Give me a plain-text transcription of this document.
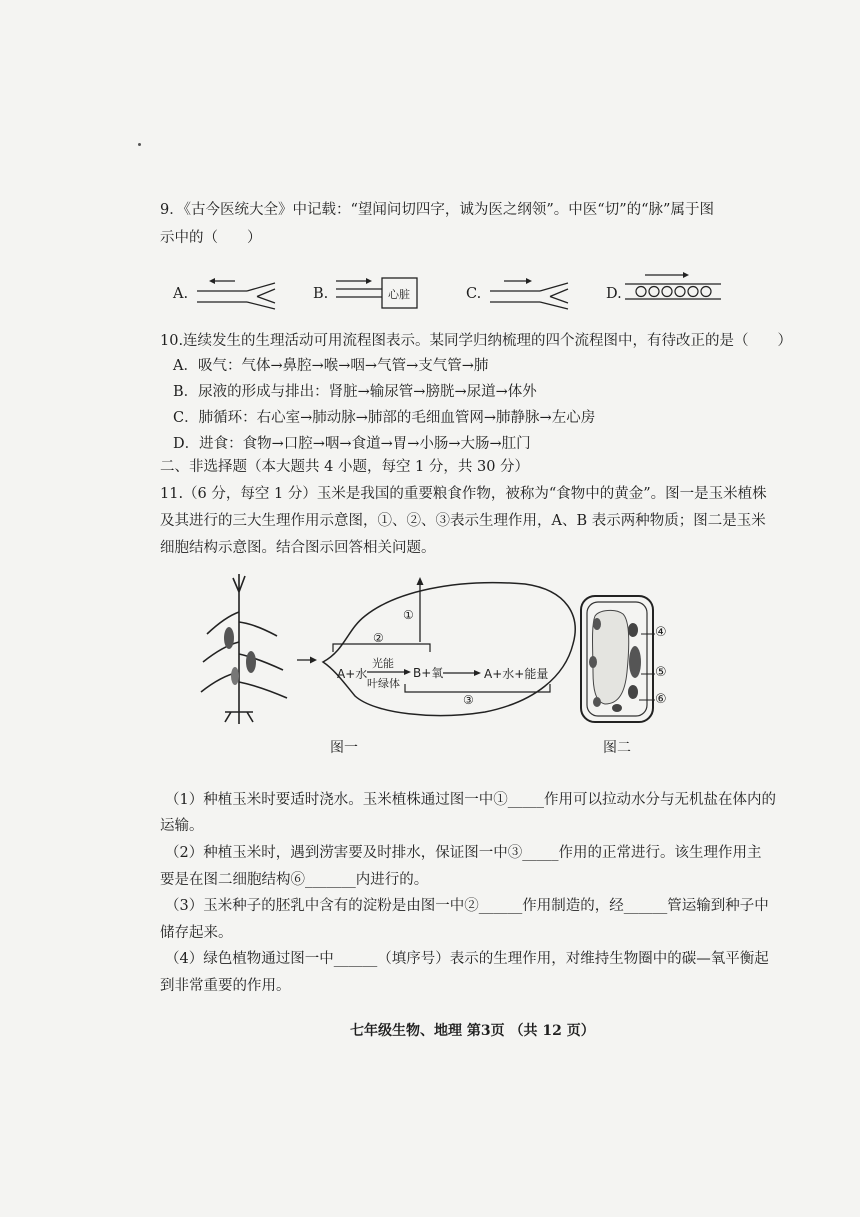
9．《古今医统大全》中记载：“望闻问切四字，诚为医之纲领”。中医“切”的“脉”属于图
示中的（　　）
A.	B.	C.	D.
心脏
10.连续发生的生理活动可用流程图表示。某同学归纳梳理的四个流程图中，有待改正的是（　　）
A．吸气：气体→鼻腔→喉→咽→气管→支气管→肺
B．尿液的形成与排出：肾脏→输尿管→膀胱→尿道→体外
C．肺循环：右心室→肺动脉→肺部的毛细血管网→肺静脉→左心房
D．进食：食物→口腔→咽→食道→胃→小肠→大肠→肛门
二、非选择题（本大题共 4 小题，每空 1 分，共 30 分）
11.（6 分，每空 1 分）玉米是我国的重要粮食作物，被称为“食物中的黄金”。图一是玉米植株
及其进行的三大生理作用示意图，①、②、③表示生理作用，A、B 表示两种物质；图二是玉米
细胞结构示意图。结合图示回答相关问题。
①
②
③
A+水
光能
叶绿体
B+氧	A+水+能量
图一
④
⑤
⑥
图二
（1）种植玉米时要适时浇水。玉米植株通过图一中①_____作用可以拉动水分与无机盐在体内的
运输。
（2）种植玉米时，遇到涝害要及时排水，保证图一中③_____作用的正常进行。该生理作用主
要是在图二细胞结构⑥_______内进行的。
（3）玉米种子的胚乳中含有的淀粉是由图一中②______作用制造的，经______管运输到种子中
储存起来。
（4）绿色植物通过图一中______（填序号）表示的生理作用，对维持生物圈中的碳—氧平衡起
到非常重要的作用。
七年级生物、地理 第3页 （共 12 页）
